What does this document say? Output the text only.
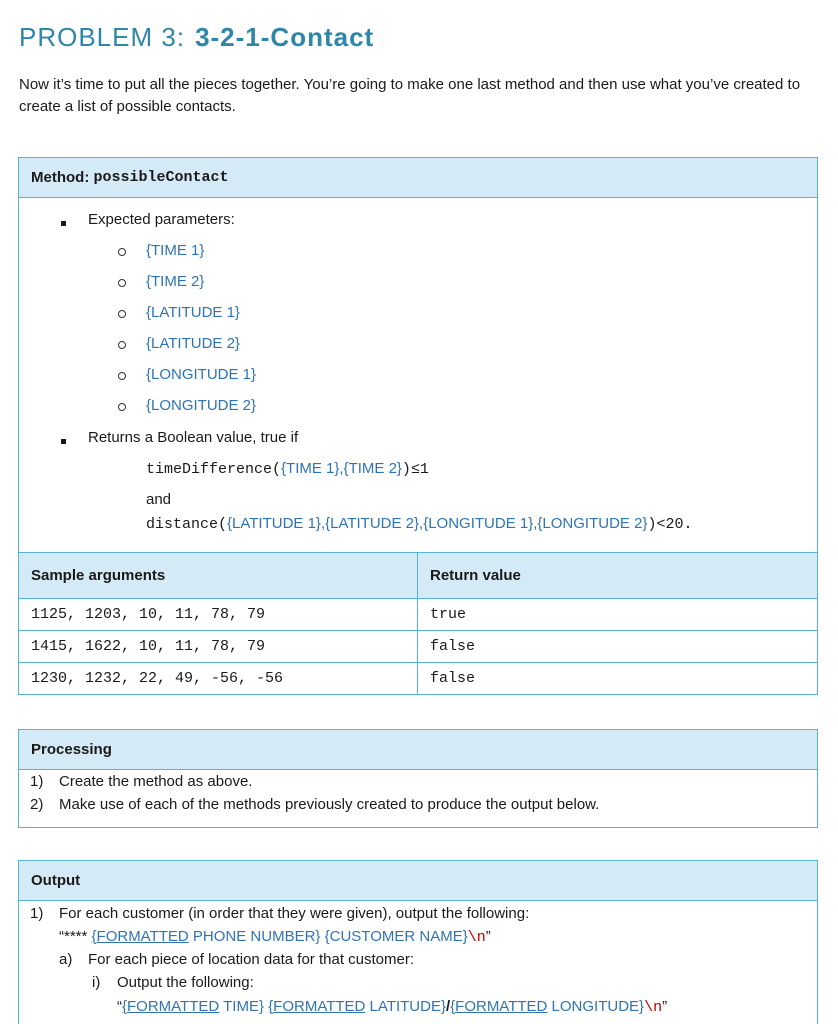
PROBLEM 3: 3-2-1-Contact
Now it’s time to put all the pieces together. You’re going to make one last method and then use what you’ve created to create a list of possible contacts.
Method:
possibleContact
Expected parameters:
{TIME 1}
{TIME 2}
{LATITUDE 1}
{LATITUDE 2}
{LONGITUDE 1}
{LONGITUDE 2}
Returns a Boolean value, true if
timeDifference({TIME 1},{TIME 2})≤1
and
distance({LATITUDE 1},{LATITUDE 2},{LONGITUDE 1},{LONGITUDE 2})<20.
Sample arguments	Return value
1125, 1203, 10, 11, 78, 79	true
1415, 1622, 10, 11, 78, 79	false
1230, 1232, 22, 49, -56, -56	false
Processing
1) Create the method as above.
2) Make use of each of the methods previously created to produce the output below.
Output
1) For each customer (in order that they were given), output the following:
“**** {FORMATTED PHONE NUMBER} {CUSTOMER NAME}\n”
a) For each piece of location data for that customer:
i) Output the following:
“{FORMATTED TIME} {FORMATTED LATITUDE}/{FORMATTED LONGITUDE}\n”
